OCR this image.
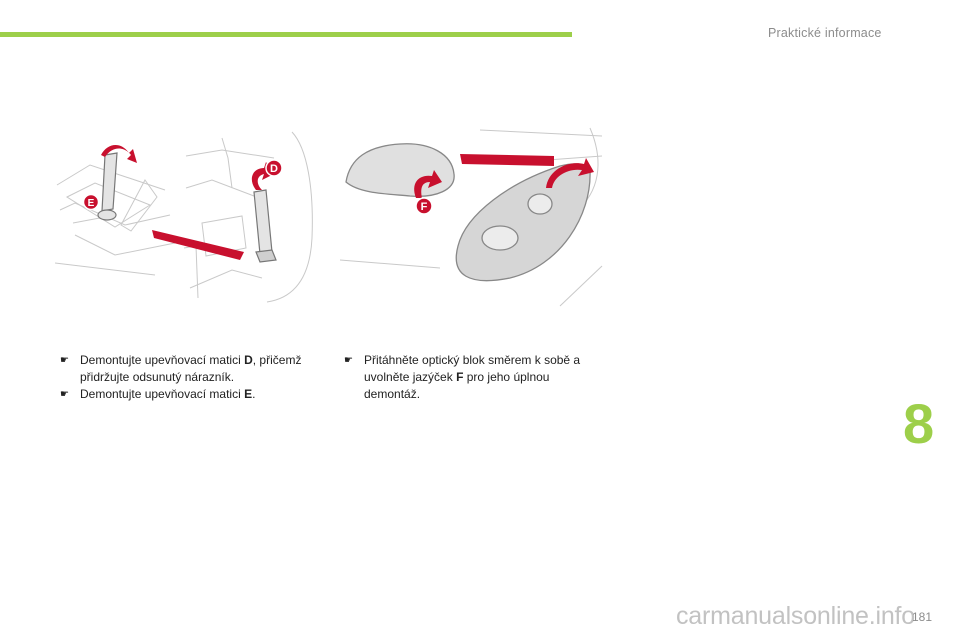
Praktické informace
E
D
F
☛ Demontujte upevňovací matici D, přičemž přidržujte odsunutý nárazník.
☛ Demontujte upevňovací matici E.
☛ Přitáhněte optický blok směrem k sobě a uvolněte jazýček F pro jeho úplnou demontáž.	8
carmanualsonline.info
181
